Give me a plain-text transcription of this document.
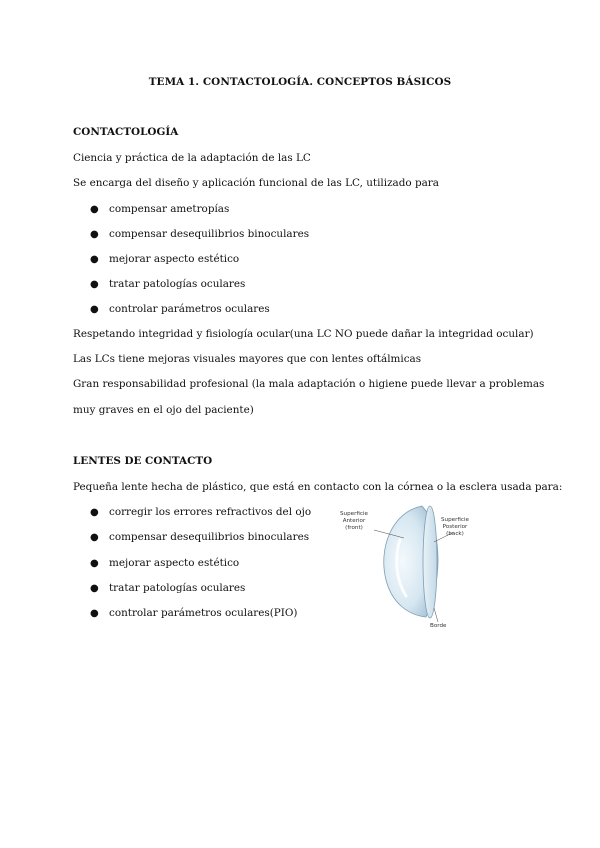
TEMA 1. CONTACTOLOGÍA. CONCEPTOS BÁSICOS
CONTACTOLOGÍA
Ciencia y práctica de la adaptación de las LC
Se encarga del diseño y aplicación funcional de las LC, utilizado para
● compensar ametropías
● compensar desequilibrios binoculares
● mejorar aspecto estético
● tratar patologías oculares
● controlar parámetros oculares
Respetando integridad y fisiología ocular(una LC NO puede dañar la integridad ocular)
Las LCs tiene mejoras visuales mayores que con lentes oftálmicas
Gran responsabilidad profesional (la mala adaptación o higiene puede llevar a problemas
muy graves en el ojo del paciente)
LENTES DE CONTACTO
Pequeña lente hecha de plástico, que está en contacto con la córnea o la esclera usada para:
● corregir los errores refractivos del ojo
● compensar desequilibrios binoculares
● mejorar aspecto estético
● tratar patologías oculares
● controlar parámetros oculares(PIO)
Superficie
Anterior
(front)
Superficie
Posterior
(back)
Borde
